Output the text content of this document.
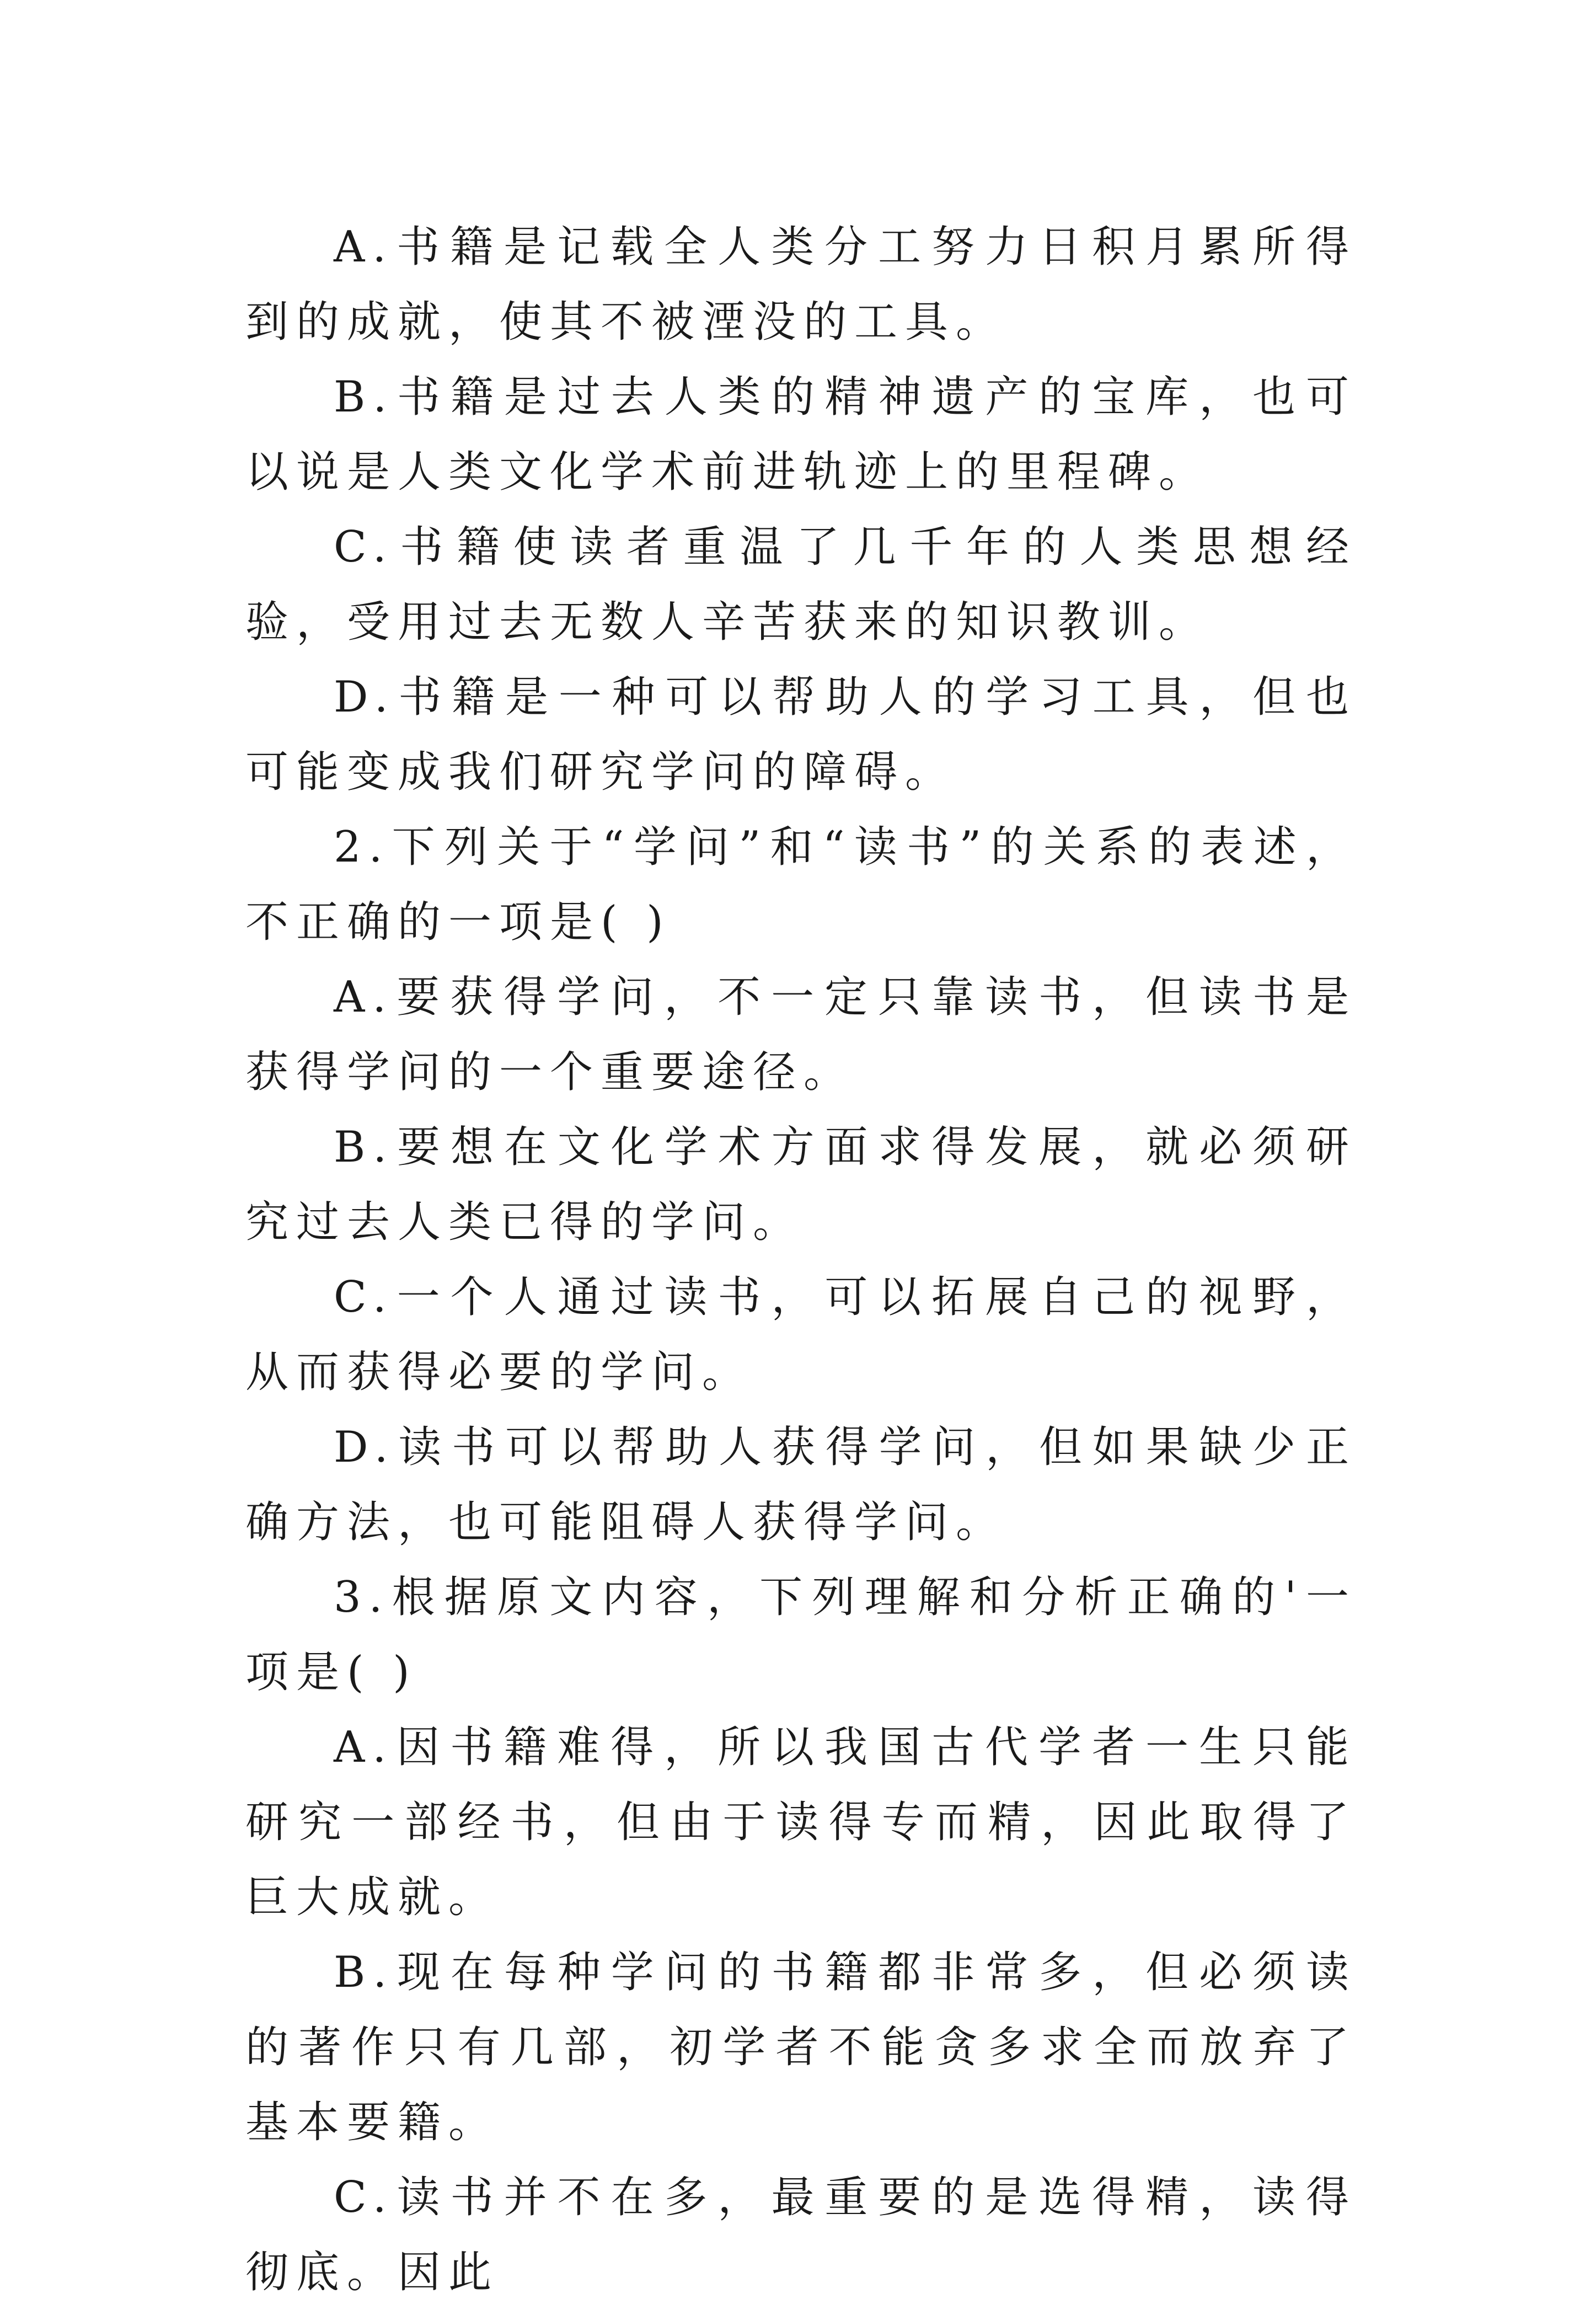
A.书籍是记载全人类分工努力日积月累所得到的成就，使其不被湮没的工具。

B.书籍是过去人类的精神遗产的宝库，也可以说是人类文化学术前进轨迹上的里程碑。

C.书籍使读者重温了几千年的人类思想经验，受用过去无数人辛苦获来的知识教训。

D.书籍是一种可以帮助人的学习工具，但也可能变成我们研究学问的障碍。

2.下列关于“学问”和“读书”的关系的表述，不正确的一项是( )

A.要获得学问，不一定只靠读书，但读书是获得学问的一个重要途径。

B.要想在文化学术方面求得发展，就必须研究过去人类已得的学问。

C.一个人通过读书，可以拓展自己的视野，从而获得必要的学问。

D.读书可以帮助人获得学问，但如果缺少正确方法，也可能阻碍人获得学问。

3.根据原文内容，下列理解和分析正确的'一项是( )

A.因书籍难得，所以我国古代学者一生只能研究一部经书，但由于读得专而精，因此取得了巨大成就。

B.现在每种学问的书籍都非常多，但必须读的著作只有几部，初学者不能贪多求全而放弃了基本要籍。

C.读书并不在多，最重要的是选得精，读得彻底。因此
